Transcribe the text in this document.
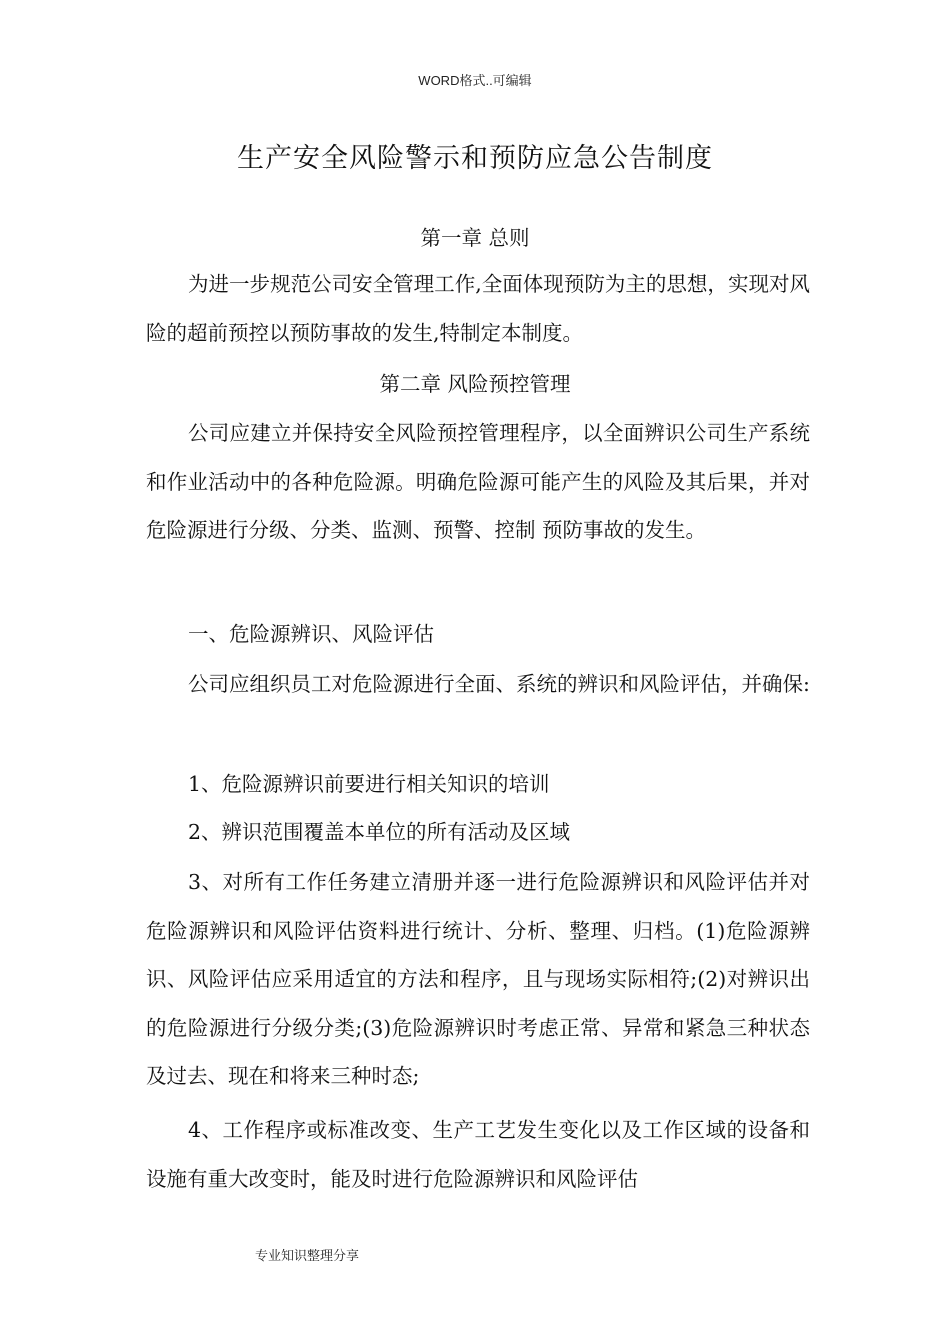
WORD格式..可编辑
生产安全风险警示和预防应急公告制度
第一章 总则
为进一步规范公司安全管理工作,全面体现预防为主的思想，实现对风险的超前预控以预防事故的发生,特制定本制度。
第二章 风险预控管理
公司应建立并保持安全风险预控管理程序，以全面辨识公司生产系统和作业活动中的各种危险源。明确危险源可能产生的风险及其后果，并对危险源进行分级、分类、监测、预警、控制 预防事故的发生。
一、危险源辨识、风险评估
公司应组织员工对危险源进行全面、系统的辨识和风险评估，并确保:
1、危险源辨识前要进行相关知识的培训
2、辨识范围覆盖本单位的所有活动及区域
3、对所有工作任务建立清册并逐一进行危险源辨识和风险评估并对危险源辨识和风险评估资料进行统计、分析、整理、归档。(1)危险源辨识、风险评估应采用适宜的方法和程序，且与现场实际相符;(2)对辨识出的危险源进行分级分类;(3)危险源辨识时考虑正常、异常和紧急三种状态及过去、现在和将来三种时态;
4、工作程序或标准改变、生产工艺发生变化以及工作区域的设备和设施有重大改变时，能及时进行危险源辨识和风险评估
专业知识整理分享
